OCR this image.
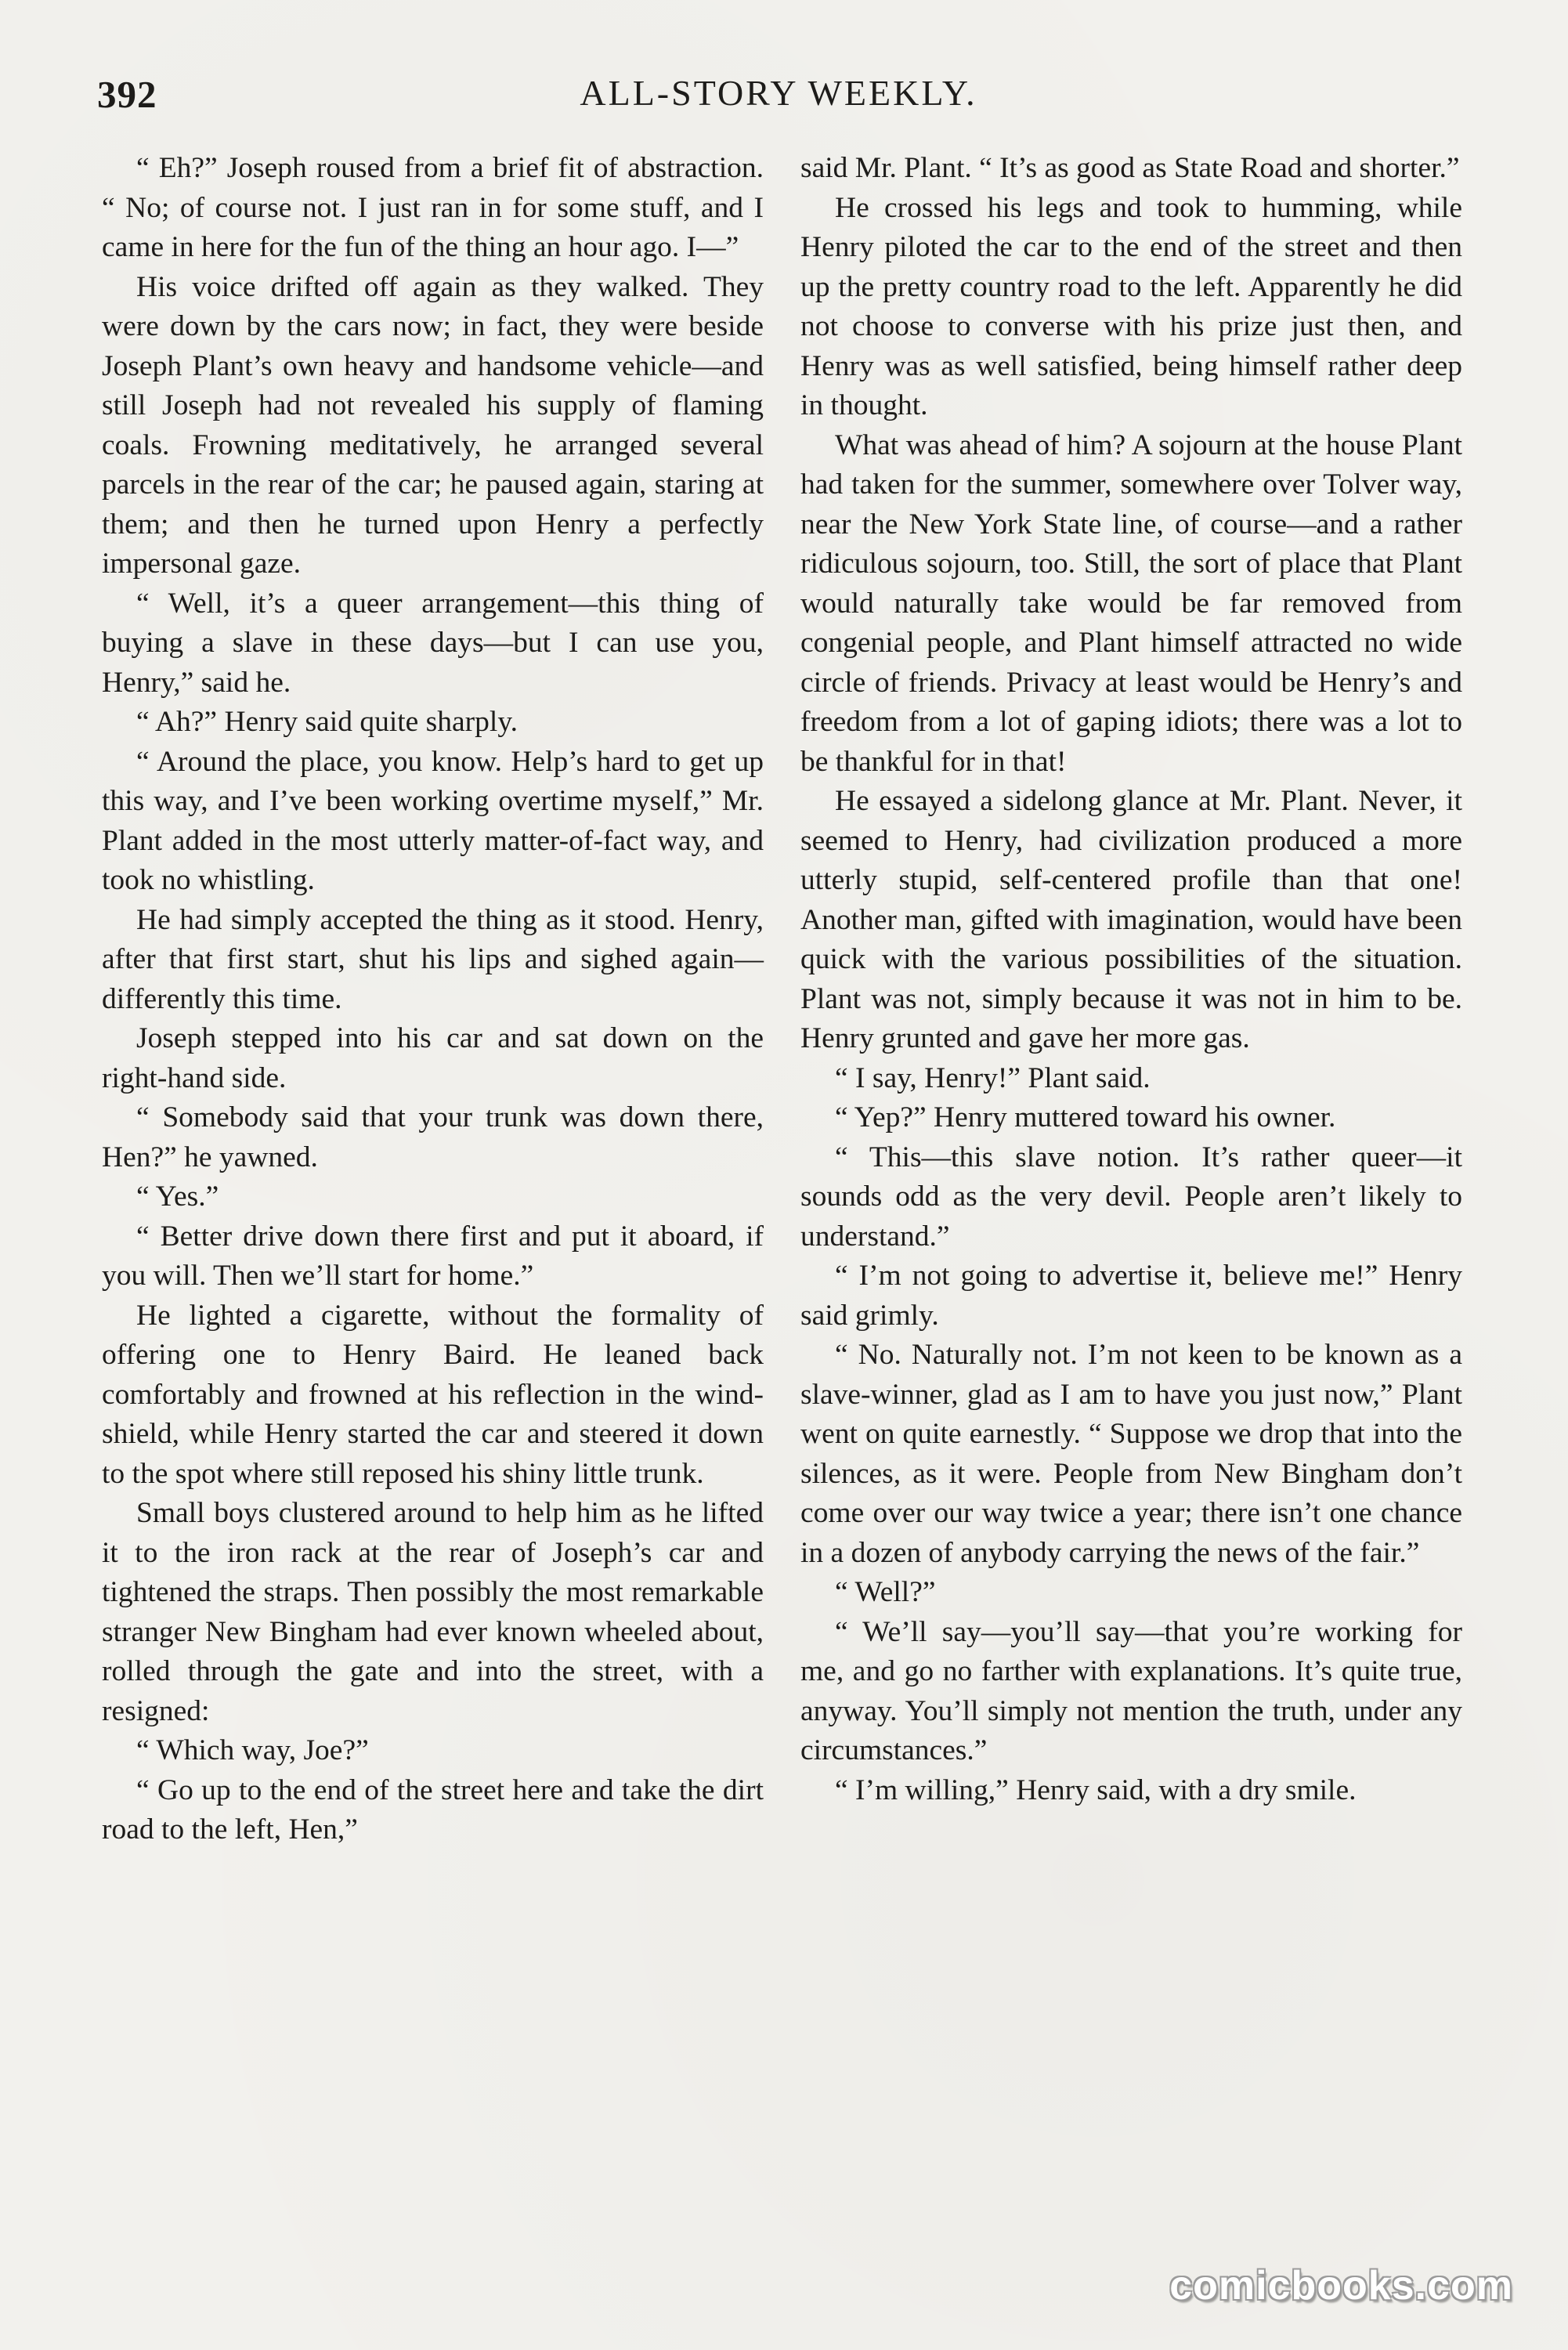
392	ALL-STORY WEEKLY.

“ Eh?” Joseph roused from a brief fit of abstraction. “ No; of course not. I just ran in for some stuff, and I came in here for the fun of the thing an hour ago. I—”

His voice drifted off again as they walked. They were down by the cars now; in fact, they were beside Joseph Plant’s own heavy and handsome vehicle—and still Joseph had not revealed his supply of flaming coals. Frowning meditatively, he arranged several parcels in the rear of the car; he paused again, staring at them; and then he turned upon Henry a perfectly impersonal gaze.

“ Well, it’s a queer arrangement—this thing of buying a slave in these days—but I can use you, Henry,” said he.

“ Ah?” Henry said quite sharply.

“ Around the place, you know. Help’s hard to get up this way, and I’ve been working overtime myself,” Mr. Plant added in the most utterly matter-of-fact way, and took no whistling.

He had simply accepted the thing as it stood. Henry, after that first start, shut his lips and sighed again—differently this time.

Joseph stepped into his car and sat down on the right-hand side.

“ Somebody said that your trunk was down there, Hen?” he yawned.

“ Yes.”

“ Better drive down there first and put it aboard, if you will. Then we’ll start for home.”

He lighted a cigarette, without the formality of offering one to Henry Baird. He leaned back comfortably and frowned at his reflection in the wind-shield, while Henry started the car and steered it down to the spot where still reposed his shiny little trunk.

Small boys clustered around to help him as he lifted it to the iron rack at the rear of Joseph’s car and tightened the straps. Then possibly the most remarkable stranger New Bingham had ever known wheeled about, rolled through the gate and into the street, with a resigned:

“ Which way, Joe?”

“ Go up to the end of the street here and take the dirt road to the left, Hen,”

said Mr. Plant. “ It’s as good as State Road and shorter.”

He crossed his legs and took to humming, while Henry piloted the car to the end of the street and then up the pretty country road to the left. Apparently he did not choose to converse with his prize just then, and Henry was as well satisfied, being himself rather deep in thought.

What was ahead of him? A sojourn at the house Plant had taken for the summer, somewhere over Tolver way, near the New York State line, of course—and a rather ridiculous sojourn, too. Still, the sort of place that Plant would naturally take would be far removed from congenial people, and Plant himself attracted no wide circle of friends. Privacy at least would be Henry’s and freedom from a lot of gaping idiots; there was a lot to be thankful for in that!

He essayed a sidelong glance at Mr. Plant. Never, it seemed to Henry, had civilization produced a more utterly stupid, self-centered profile than that one! Another man, gifted with imagination, would have been quick with the various possibilities of the situation. Plant was not, simply because it was not in him to be. Henry grunted and gave her more gas.

“ I say, Henry!” Plant said.

“ Yep?” Henry muttered toward his owner.

“ This—this slave notion. It’s rather queer—it sounds odd as the very devil. People aren’t likely to understand.”

“ I’m not going to advertise it, believe me!” Henry said grimly.

“ No. Naturally not. I’m not keen to be known as a slave-winner, glad as I am to have you just now,” Plant went on quite earnestly. “ Suppose we drop that into the silences, as it were. People from New Bingham don’t come over our way twice a year; there isn’t one chance in a dozen of anybody carrying the news of the fair.”

“ Well?”

“ We’ll say—you’ll say—that you’re working for me, and go no farther with explanations. It’s quite true, anyway. You’ll simply not mention the truth, under any circumstances.”

“ I’m willing,” Henry said, with a dry smile.

comicbooks.com
